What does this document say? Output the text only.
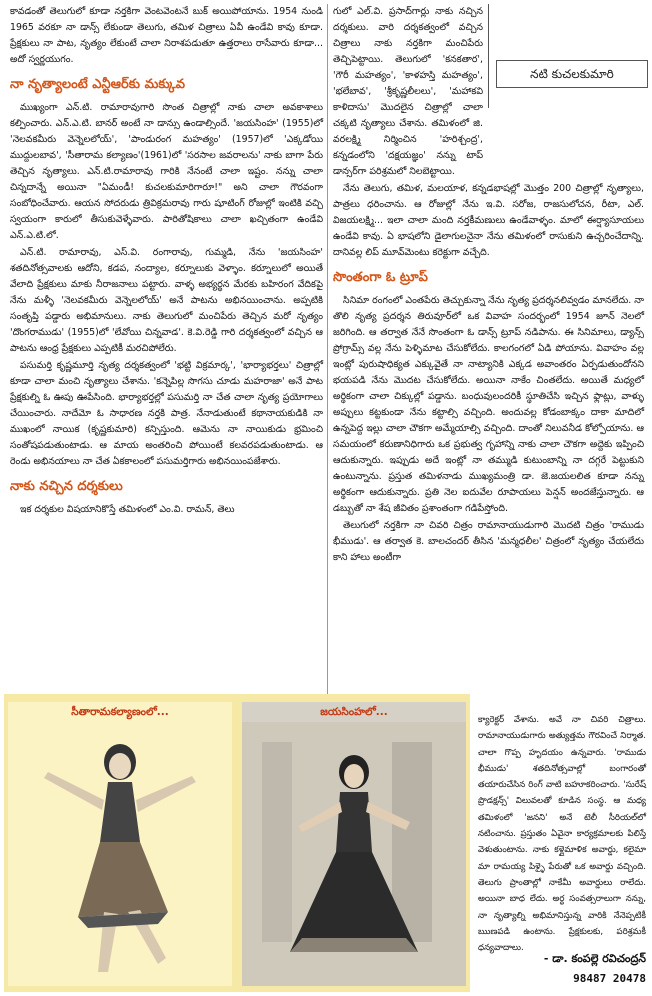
కావడంతో తెలుగులో కూడా నర్తకిగా వెంటవెంటనే బుక్ అయిపోయాను. 1954 నుండి 1965 వరకూ నా డాన్స్ లేకుండా తెలుగు, తమిళ చిత్రాలు ఏవీ ఉండేవి కావు కూడా. ప్రేక్షకులు నా పాట, నృత్యం లేకుంటే చాలా నిరాశపడుతూ ఉత్తరాలు రాసేవారు కూడా... అదో స్వర్ణయుగం.

నా నృత్యాలంటే ఎన్టీఆర్‌కు మక్కువ

ముఖ్యంగా ఎన్.టి. రామారావుగారి సొంత చిత్రాల్లో నాకు చాలా అవకాశాలు కల్పించారు. ఎన్.ఎ.టి. బానర్ అంటే నా డాన్సు ఉండాల్సిందే. 'జయసింహ' (1955)లో 'నెలవకమీరు వెన్నెలలోయ్', 'పాండురంగ మహత్యం' (1957)లో 'ఎక్కడోయి ముద్దులబావ', 'సీతారామ కల్యాణం'(1961)లో 'సరసాల జవరాలను' నాకు బాగా పేరు తెచ్చిన నృత్యాలు. ఎన్.టి.రామారావు గారికి నేనంటే చాలా ఇష్టం. నన్ను చాలా చిన్నదాన్నే అయినా "ఏమండీ! కుచలకుమారిగారూ!" అని చాలా గౌరవంగా సంబోధించేవారు. ఆయన సోదరుడు త్రివిక్రమరావు గారు షూటింగ్ రోజుల్లో ఇంటికి వచ్చి స్వయంగా కారులో తీసుకువెళ్ళేవారు. పారితోషికాలు చాలా ఖచ్చితంగా ఉండేవి ఎన్.ఎ.టి.లో.

ఎన్.టి. రామారావు, ఎస్.వి. రంగారావు, గుమ్మడి, నేను 'జయసింహ' శతదినోత్సవాలకు ఆదోని, కడప, నంద్యాల, కర్నూలుకు వెళ్ళాం. కర్నూలులో అయితే వేలాది ప్రేక్షకులు మాకు నీరాజనాలు పట్టారు. వాళ్ళ అభ్యర్థన మేరకు బహిరంగ వేదికపై నేను మళ్ళీ 'నెలవకమీరు వెన్నెలలోయ్' అనే పాటను అభినయించాను. అప్పటికి సంతృప్తి పడ్డారు అభిమానులు. నాకు తెలుగులో మంచిపేరు తెచ్చిన మరో నృత్యం 'దొంగరాముడు' (1955)లో 'లేవోయి చిన్నవాడ'. కె.వి.రెడ్డి గారి దర్శకత్వంలో వచ్చిన ఆ పాటను ఆంధ్ర ప్రేక్షకులు ఎప్పటికీ మరచిపోలేరు.

పసుమర్తి కృష్ణమూర్తి నృత్య దర్శకత్వంలో 'భట్టి విక్రమార్క', 'భార్యాభర్తలు' చిత్రాల్లో కూడా చాలా మంచి నృత్యాలు చేశాను. 'కన్నెపిల్ల సొగసు చూడు మహరాజా' అనే పాట ప్రేక్షకుల్ని ఓ ఊపు ఊపేసింది. భార్యాభర్తల్లో పసుమర్తి నా చేత చాలా నృత్య ప్రయోగాలు చేయించారు. నాదేమో ఓ సాధారణ నర్తకి పాత్ర. నేనాడుతుంటే కథానాయకుడికి నా ముఖంలో నాయిక (కృష్ణకుమారి) కన్పిస్తుంది. ఆమెను నా నాయికుడు భ్రమించి సంతోషపడుతుంటాడు. ఆ మాయ అంతరించి పోయింటే కలవరపడుతుంటాడు. ఆ రెండు అభినయాలు నా చేత ఏకకాలంలో పసుమర్తిగారు అభినయింపజేశారు.

నాకు నచ్చిన దర్శకులు

ఇక దర్శకుల విషయానికొస్తే తమిళంలో ఎం.వి. రామన్, తెలు

గులో ఎల్.వి. ప్రసాద్‌గార్లు నాకు నచ్చిన దర్శకులు. వారి దర్శకత్వంలో వచ్చిన చిత్రాలు నాకు నర్తకిగా మంచిపేరు తెచ్చిపెట్టాయి. తెలుగులో 'కనకతార', 'గౌరీ మహత్యం', 'కాళహస్తి మహత్యం', 'భలేబావ', 'శ్రీకృష్ణలీలలు', 'మహాకవి కాళిదాసు' మొదలైన చిత్రాల్లో చాలా చక్కటి నృత్యాలు చేశాను. తమిళంలో జి. వరలక్ష్మి నిర్మించిన 'హరిశ్చంద్ర', కన్నడంలోని 'దక్షయజ్ఞం' నన్ను టాప్ డాన్సర్‌గా పరిశ్రమలో నిలబెట్టాయి.

నేను తెలుగు, తమిళ, మలయాళ, కన్నడభాషల్లో మొత్తం 200 చిత్రాల్లో నృత్యాలు, పాత్రలు ధరించాను. ఆ రోజుల్లో నేను ఇ.వి. సరోజ, రాజసులోచన, రీటా, ఎల్. విజయలక్ష్మి... ఇలా చాలా మంది నర్తకీమణులు ఉండేవాళ్ళం. మాలో ఈర్ష్యాసూయలు ఉండేవి కావు. ఏ భాషలోని డైలాగులనైనా నేను తమిళంలో రాసుకుని ఉచ్చరించేదాన్ని. దానివల్ల లిప్ మూవ్‌మెంటు కరెక్టుగా వచ్చేది.

సొంతంగా ఓ ట్రూప్

సినిమా రంగంలో ఎంతపేరు తెచ్చుకున్నా నేను నృత్య ప్రదర్శనలివ్వడం మానలేదు. నా తొలి నృత్య ప్రదర్శన తిరువూర్‌లో ఒక వివాహ సందర్భంలో 1954 జూన్ నెలలో జరిగింది. ఆ తర్వాత నేనే సొంతంగా ఓ డాన్స్ ట్రూప్ నడిపాను. ఈ సినిమాలు, డ్యాన్స్ ప్రోగ్రామ్స్ వల్ల నేను పెళ్ళిమాట చేసుకోలేదు. కాలగంగలో ఏడి పోయాను. వివాహం వల్ల ఇంట్లో పురుషాధిక్యత ఎక్కువైతే నా నాట్యానికి ఎక్కడ అవాంతరం ఏర్పడుతుందోనని భయపడి నేను మొదట చేసుకోలేదు. అయినా నాకేం చింతలేదు. అయితే మధ్యలో అర్థికంగా చాలా చిక్కుల్లో పడ్డాను. బంధువులందరికీ స్థూతిచేసి ఇచ్చిన ఫ్లాట్లు, వాళ్ళు అప్పులు కట్టకుండా నేను కట్టాల్సి వచ్చింది. అందువల్ల కోడంబాక్కం దాకా మాదిలో ఉన్నపెద్ద ఇల్లు చాలా చౌకగా అమ్మేయాల్సి వచ్చింది. దాంతో నిలువనీడ కోల్పోయాను. ఆ సమయంలో కరుణానిధిగారు ఒక ప్రభుత్వ గృహాన్ని నాకు చాలా చౌకగా అద్దెకు ఇప్పించి ఆదుకున్నారు. ఇప్పుడు అదే ఇంట్లో నా తమ్ముడి కుటుంబాన్ని నా దగ్గరే పెట్టుకుని ఉంటున్నాను. ప్రస్తుత తమిళనాడు ముఖ్యమంత్రి డా. జె.జయలలిత కూడా నన్ను అర్థికంగా ఆదుకున్నారు. ప్రతి నెల ఐదువేల రూపాయలు పెన్షన్ అందజేస్తున్నారు. ఆ డబ్బుతో నా శేష జీవితం ప్రశాంతంగా గడిపేస్తోంది.

తెలుగులో నర్తకిగా నా చివరి చిత్రం రామానాయుడుగారి మొదటి చిత్రం 'రాముడు భీముడు'. ఆ తర్వాత కె. బాలచందర్ తీసిన 'మన్మధలీల' చిత్రంలో నృత్యం చేయలేదు కాని హాలు అంటీగా

నటి కుచలకుమారి

క్యారెక్టర్ వేశాను. అవే నా చివరి చిత్రాలు. రామానాయుడుగారు అత్యుత్తమ గౌరవించే నిర్మాత. చాలా గొప్ప హృదయం ఉన్నవారు. 'రాముడు భీముడు' శతదినోత్సవాల్లో బంగారంతో తయారుచేసిన రింగ్ వాటి బహూకరించారు. 'సురేష్ ప్రొడక్షన్స్' విలువలతో కూడిన సంస్థ. ఆ మధ్య తమిళంలో 'జనని' అనే టెలీ సీరియల్‌లో నటించాను. ప్రస్తుతం ఏవైనా కార్యక్రమాలకు పిలిస్తే వెళుతుంటాను. నాకు కళ్లైమాళిక అవార్డు, కలైమా మా రామయ్య పిళ్ళై పేరుతో ఒక అవార్డు వచ్చింది. తెలుగు ప్రాంతాల్లో నాకేమీ అవార్డులు రాలేదు. అయినా బాధ లేదు. అర్ధ సంవత్సరాలుగా నన్ను, నా నృత్యాల్ని అభిమానిస్తున్న వారికి నేనెప్పటికీ ఋణపడి ఉంటాను. ప్రేక్షకులకు, పరిశ్రమకీ ధన్యవాదాలు.

సీతారామకల్యాణంలో...	జయసింహలో...
- డా. కంపల్లె రవిచంద్రన్
98487 20478
